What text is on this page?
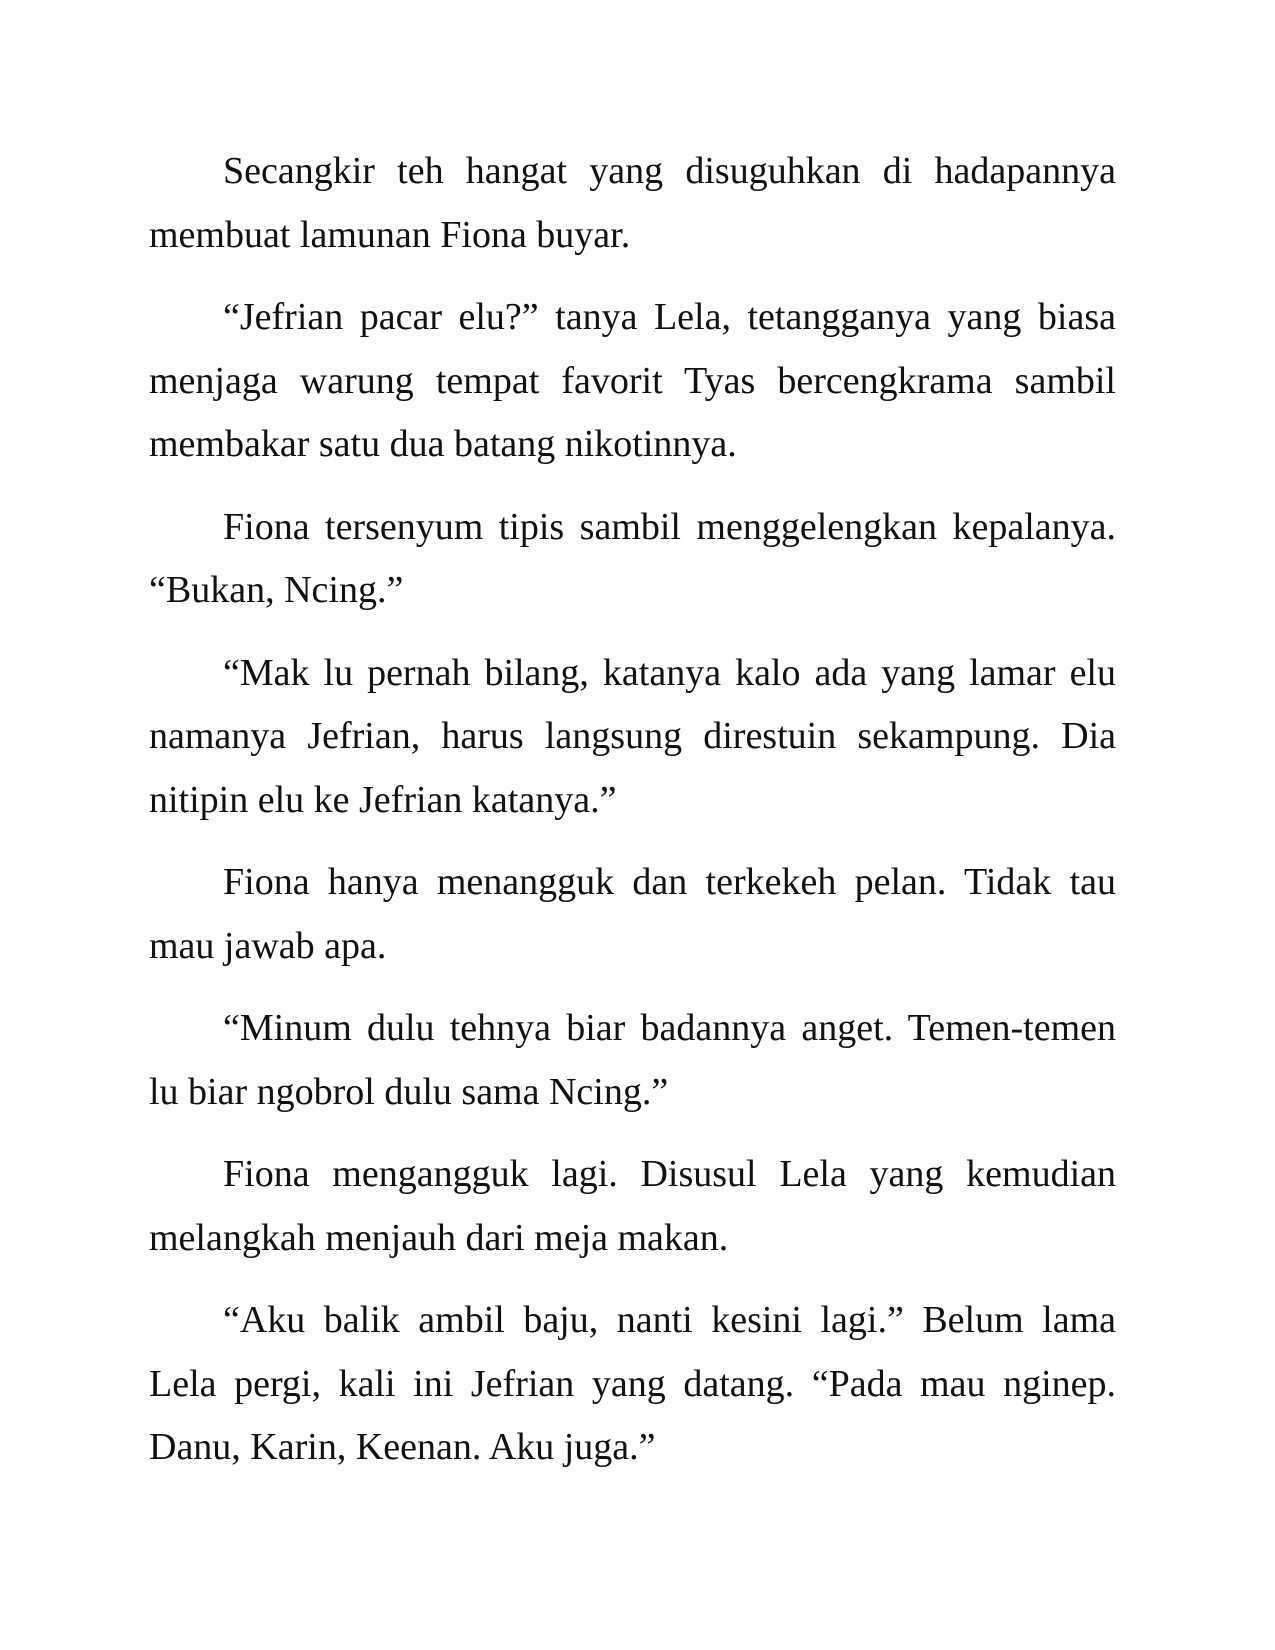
Secangkir teh hangat yang disuguhkan di hadapannya membuat lamunan Fiona buyar.

“Jefrian pacar elu?” tanya Lela, tetangganya yang biasa menjaga warung tempat favorit Tyas bercengkrama sambil membakar satu dua batang nikotinnya.

Fiona tersenyum tipis sambil menggelengkan kepalanya. “Bukan, Ncing.”

“Mak lu pernah bilang, katanya kalo ada yang lamar elu namanya Jefrian, harus langsung direstuin sekampung. Dia nitipin elu ke Jefrian katanya.”

Fiona hanya menangguk dan terkekeh pelan. Tidak tau mau jawab apa.

“Minum dulu tehnya biar badannya anget. Temen-temen lu biar ngobrol dulu sama Ncing.”

Fiona mengangguk lagi. Disusul Lela yang kemudian melangkah menjauh dari meja makan.

“Aku balik ambil baju, nanti kesini lagi.” Belum lama Lela pergi, kali ini Jefrian yang datang. “Pada mau nginep. Danu, Karin, Keenan. Aku juga.”
